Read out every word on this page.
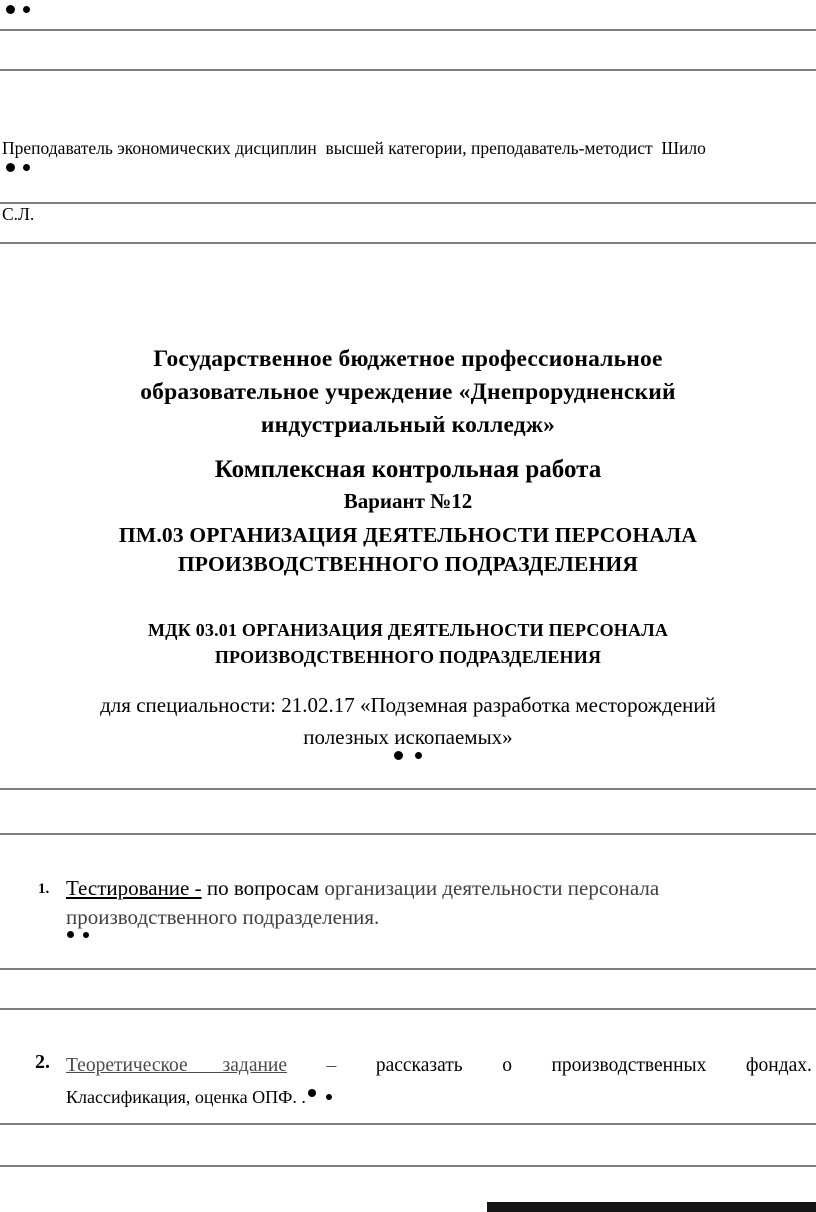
Преподаватель экономических дисциплин  высшей категории, преподаватель-методист  Шило

С.Л.

Государственное бюджетное профессиональное
образовательное учреждение «Днепрорудненский
индустриальный колледж»
Комплексная контрольная работа
Вариант №12
ПМ.03 ОРГАНИЗАЦИЯ ДЕЯТЕЛЬНОСТИ ПЕРСОНАЛА
ПРОИЗВОДСТВЕННОГО ПОДРАЗДЕЛЕНИЯ
МДК 03.01 ОРГАНИЗАЦИЯ ДЕЯТЕЛЬНОСТИ ПЕРСОНАЛА
ПРОИЗВОДСТВЕННОГО ПОДРАЗДЕЛЕНИЯ
для специальности: 21.02.17 «Подземная разработка месторождений
полезных ископаемых»
1. Тестирование - по вопросам организации деятельности персонала
производственного подразделения.
2. Теоретическое задание – рассказать о производственных фондах.
Классификация, оценка ОПФ. .
